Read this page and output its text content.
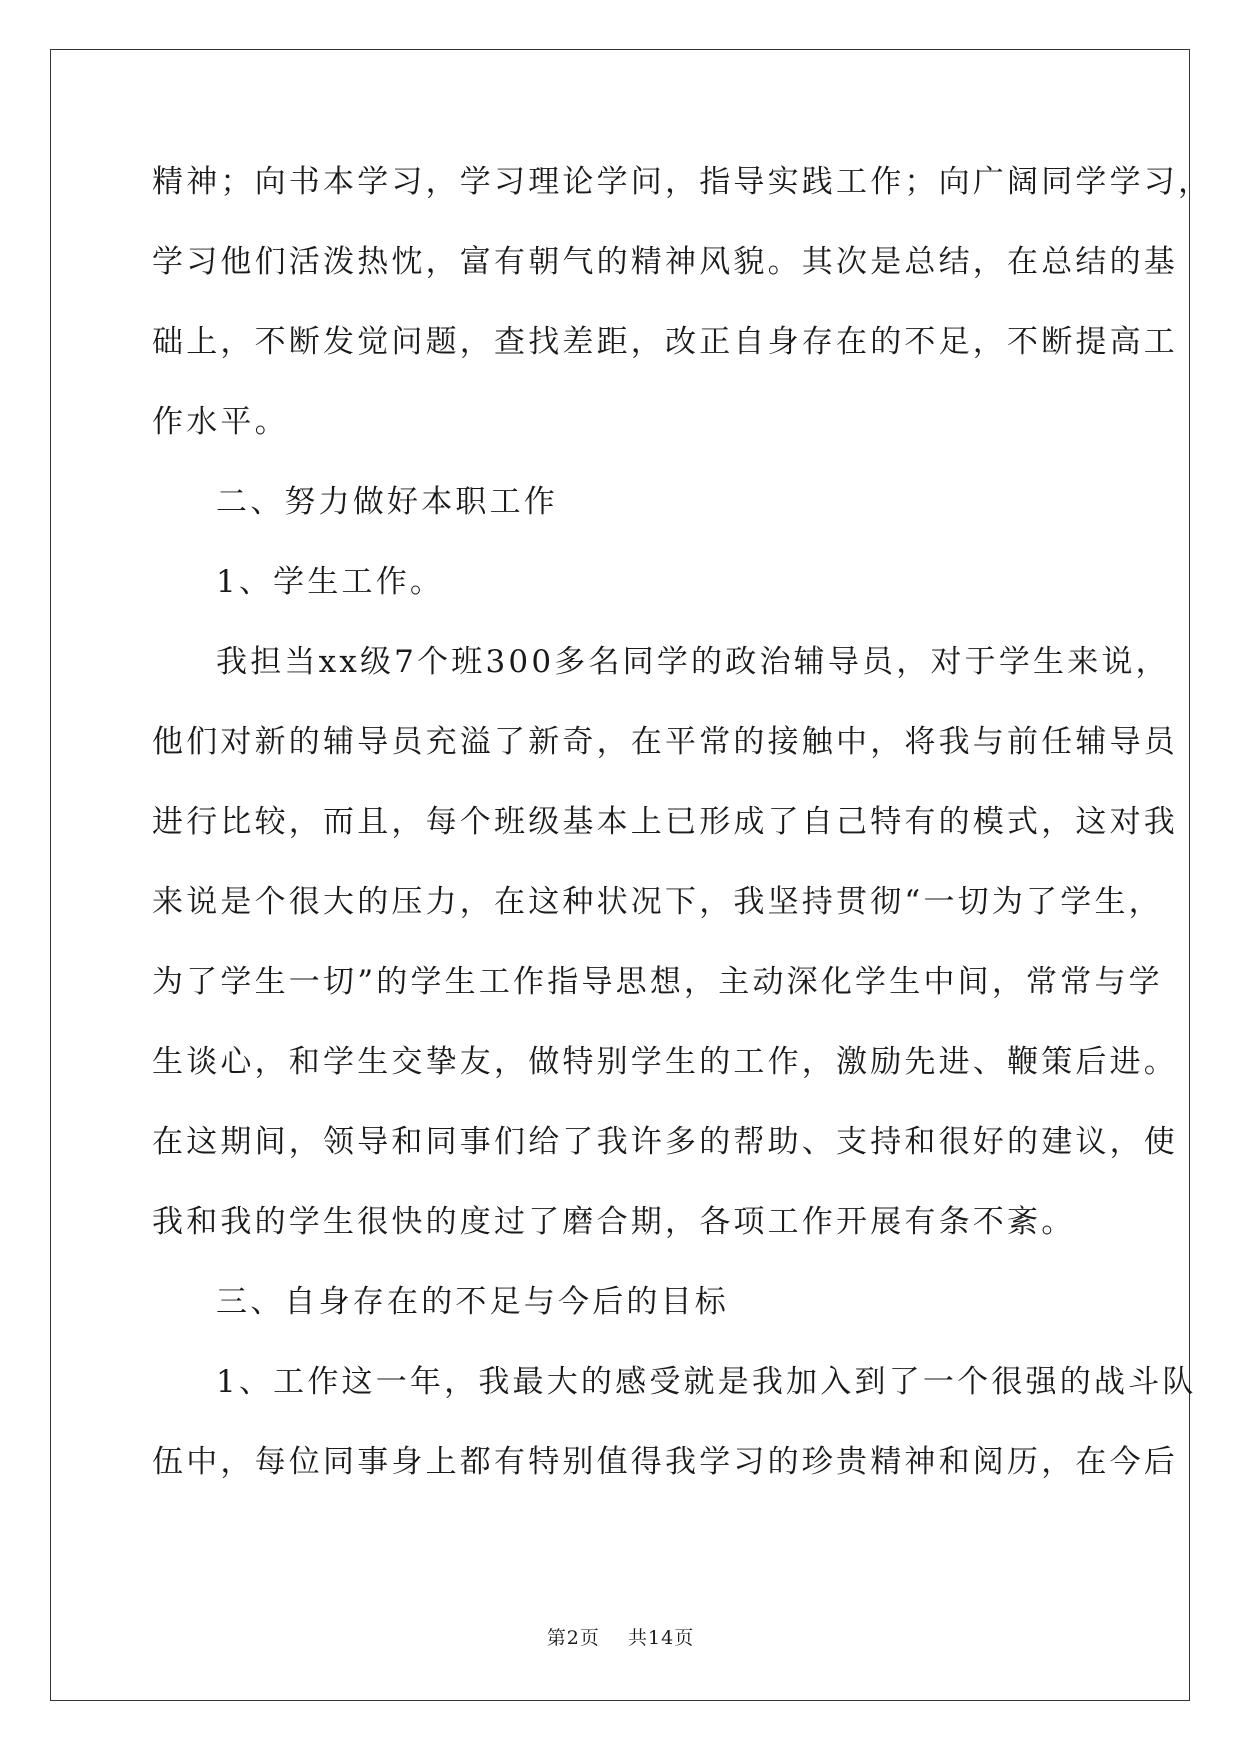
精神；向书本学习，学习理论学问，指导实践工作；向广阔同学学习，
学习他们活泼热忱，富有朝气的精神风貌。其次是总结，在总结的基
础上，不断发觉问题，查找差距，改正自身存在的不足，不断提高工
作水平。
二、努力做好本职工作
1、学生工作。
我担当xx级7个班300多名同学的政治辅导员，对于学生来说，
他们对新的辅导员充溢了新奇，在平常的接触中，将我与前任辅导员
进行比较，而且，每个班级基本上已形成了自己特有的模式，这对我
来说是个很大的压力，在这种状况下，我坚持贯彻“一切为了学生，
为了学生一切”的学生工作指导思想，主动深化学生中间，常常与学
生谈心，和学生交挚友，做特别学生的工作，激励先进、鞭策后进。
在这期间，领导和同事们给了我许多的帮助、支持和很好的建议，使
我和我的学生很快的度过了磨合期，各项工作开展有条不紊。
三、自身存在的不足与今后的目标
1、工作这一年，我最大的感受就是我加入到了一个很强的战斗队
伍中，每位同事身上都有特别值得我学习的珍贵精神和阅历，在今后
第2页    共14页
